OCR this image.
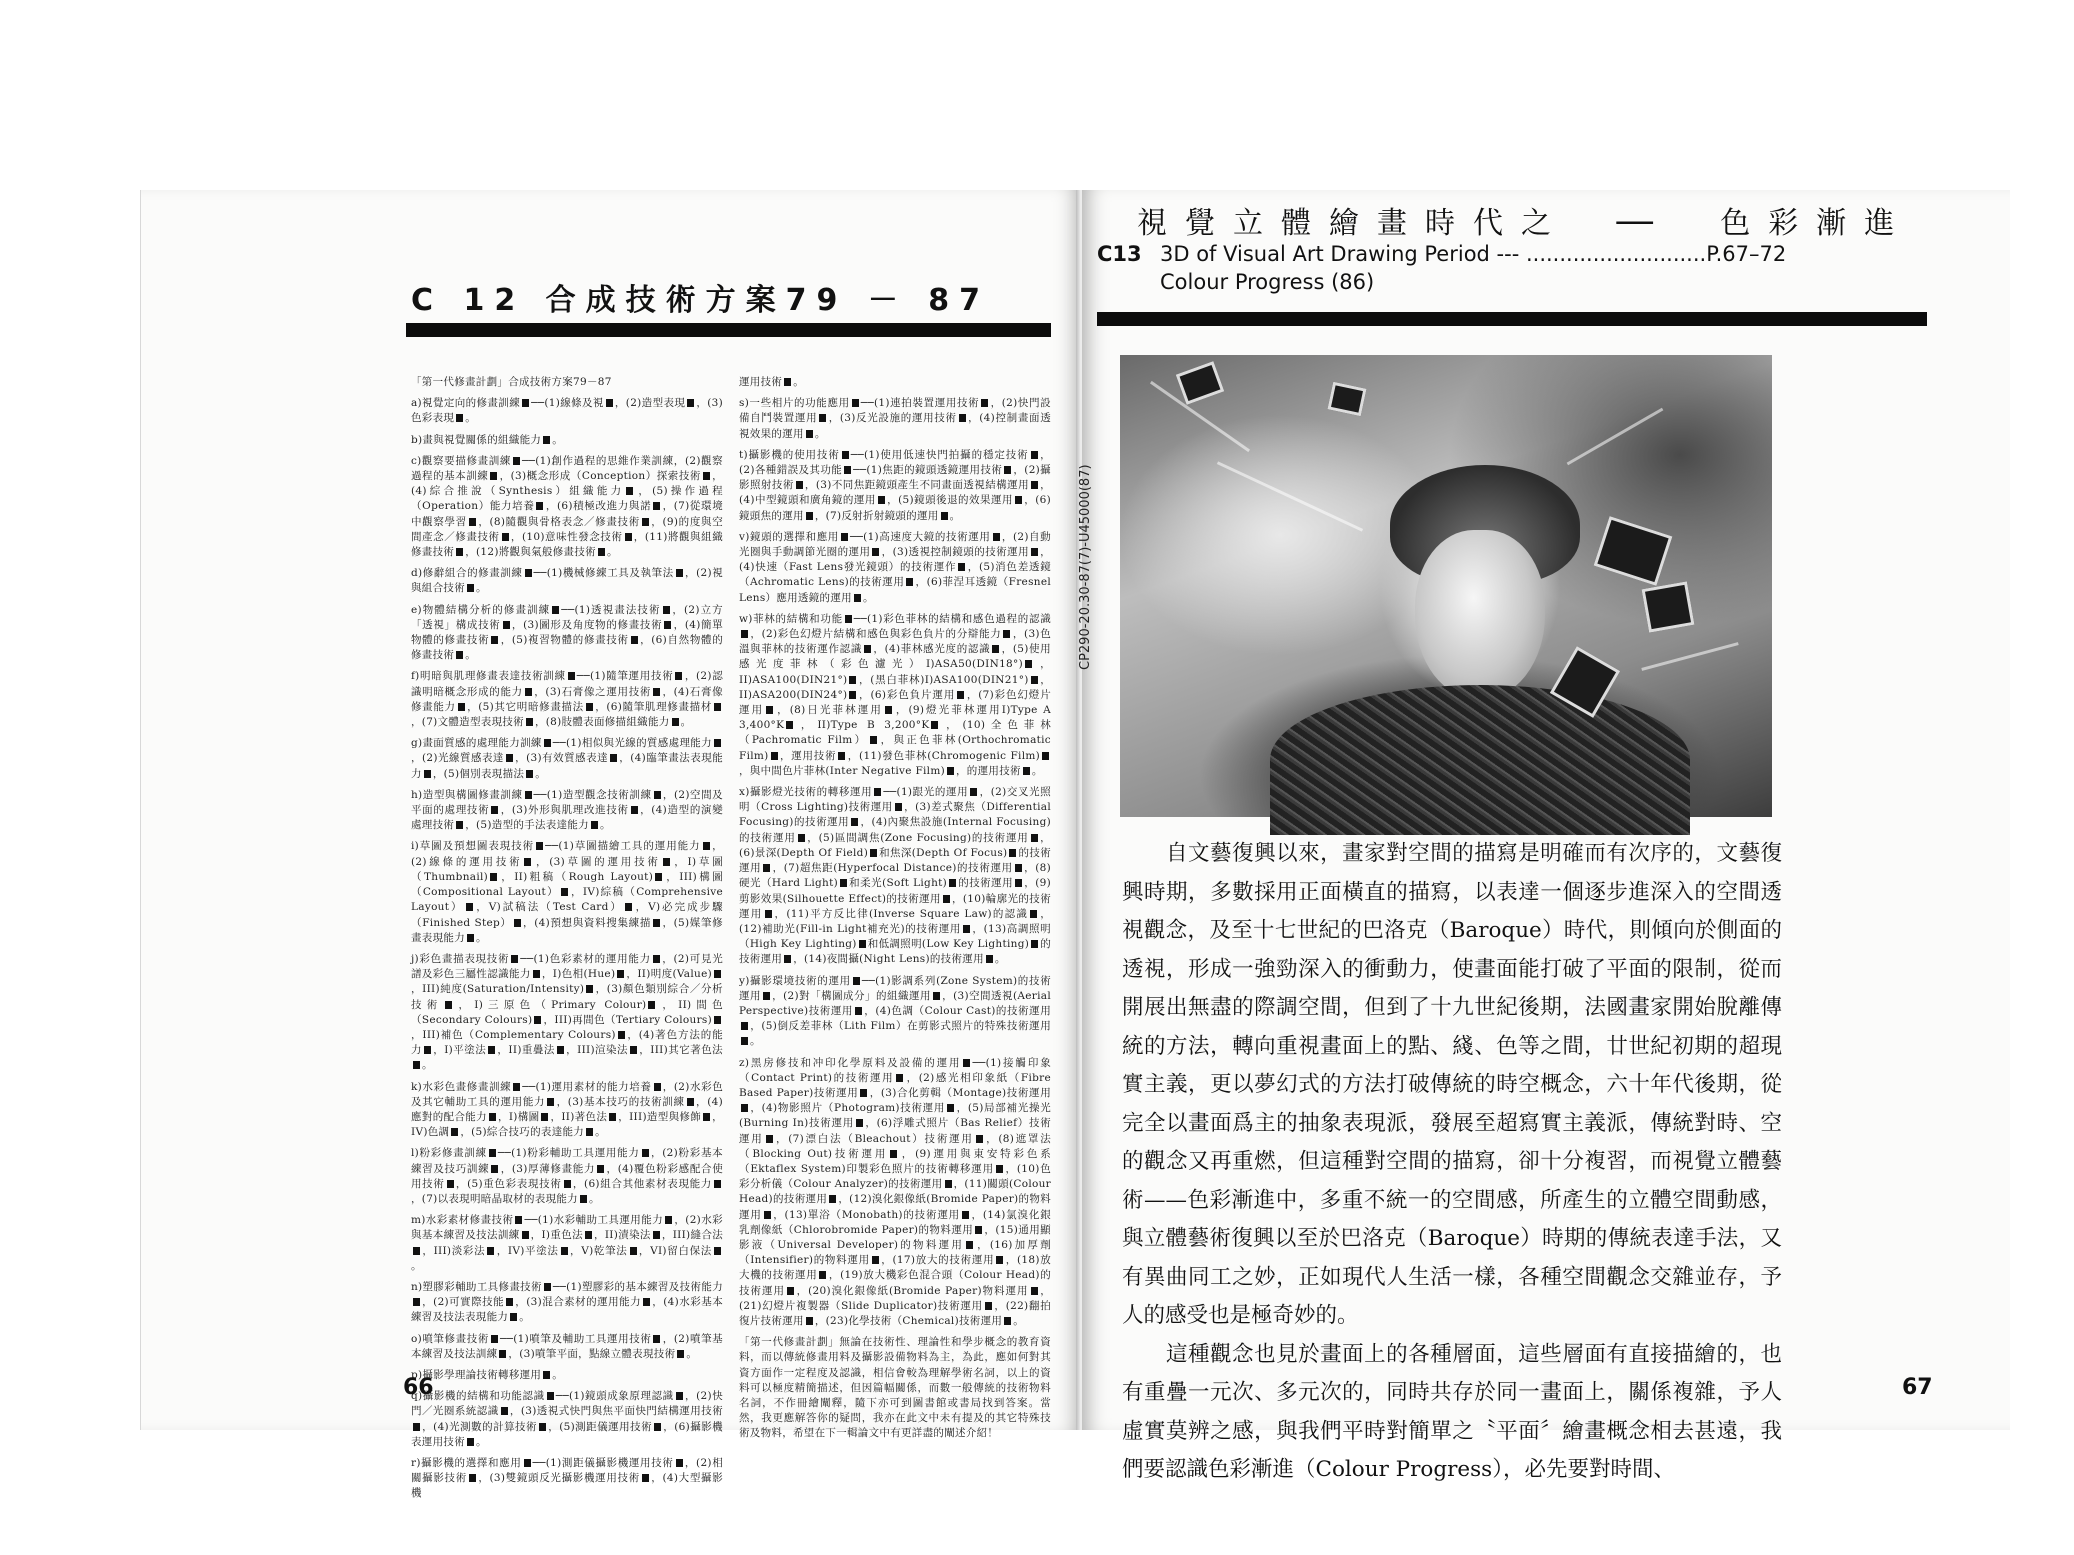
C 12 合成技術方案79 － 87

「第一代修畫計劃」合成技術方案79－87

a)視覺定向的修畫訓練 ──(1)線條及視 ，(2)造型表現 ，(3)色彩表現 。

b)畫與視覺關係的組織能力 。

c)觀察要描修畫訓練 ──(1)創作過程的思維作業訓練，(2)觀察過程的基本訓練 ，(3)概念形成（Conception）探索技術 ，(4)綜合推說（Synthesis）組織能力 ，(5)操作過程（Operation）能力培養 ，(6)積極改進力與諾 ，(7)從環境中觀察學習 ，(8)隨觀與骨格表念／修畫技術 ，(9)的度與空間產念／修畫技術 ，(10)意味性發念技術 ，(11)將觀與組織修畫技術 ，(12)將觀與氣般修畫技術 。

d)修辭組合的修畫訓練 ──(1)機械修練工具及執筆法 ，(2)視與組合技術 。

e)物體結構分析的修畫訓練 ──(1)透視畫法技術 ，(2)立方「透視」構成技術 ，(3)圖形及角度物的修畫技術 ，(4)簡單物體的修畫技術 ，(5)複習物體的修畫技術 ，(6)自然物體的修畫技術 。

f)明暗與肌理修畫表達技術訓練 ──(1)隨筆運用技術 ，(2)認識明暗概念形成的能力 ，(3)石膏像之運用技術 ，(4)石膏像修畫能力 ，(5)其它明暗修畫描法 ，(6)隨筆肌理修畫描材，(7)文體造型表現技術 ，(8)肢體表面修描組織能力 。

g)畫面質感的處理能力訓練 ──(1)相似與光線的質感處理能力，(2)光線質感表達 ，(3)有效質感表達 ，(4)臨筆畫法表現能力 ，(5)個別表現描法 。

h)造型與構圖修畫訓練 ──(1)造型觀念技術訓練 ，(2)空間及平面的處理技術 ，(3)外形與肌理改進技術 ，(4)造型的演變處理技術 ，(5)造型的手法表達能力 。

i)草圖及預想圖表現技術 ──(1)草圖描繪工具的運用能力 ，(2)線條的運用技術 ，(3)草圖的運用技術 ，I)草圖（Thumbnail) ，II)粗稿（Rough Layout) ，III)構圖（Compositional Layout） ，IV)綜稿（Comprehensive Layout） ，V)試稿法（Test Card） ，V)必完成步驟（Finished Step） ，(4)預想與資料搜集練描 ，(5)媒筆修畫表現能力 。

j)彩色畫描表現技術 ──(1)色彩素材的運用能力 ，(2)可見光譜及彩色三屬性認識能力 ，I)色相(Hue) ，II)明度(Value)，III)純度(Saturation/Intensity) ，(3)顏色類別綜合／分析技術 ，I)三原色（Primary Colour) ，II)間色（Secondary Colours) ，III)再間色（Tertiary Colours)，III)補色（Complementary Colours) ，(4)著色方法的能力 ，I)平塗法 ，II)重疊法 ，III)渲染法 ，III)其它著色法。

k)水彩色畫修畫訓練 ──(1)運用素材的能力培養 ，(2)水彩色及其它輔助工具的運用能力 ，(3)基本技巧的技術訓練 ，(4)應對的配合能力 ，I)構圖 ，II)著色法 ，III)造型與修飾 ，IV)色調 ，(5)綜合技巧的表達能力 。

l)粉彩修畫訓練 ──(1)粉彩輔助工具運用能力 ，(2)粉彩基本練習及技巧訓練 ，(3)厚薄修畫能力 ，(4)覆色粉彩感配合使用技術 ，(5)重色彩表現技術 ，(6)組合其他素材表現能力，(7)以表現明暗晶取材的表現能力 。

m)水彩素材修畫技術 ──(1)水彩輔助工具運用能力 ，(2)水彩與基本練習及技法訓練 ，I)重色法 ，II)漬染法 ，III)縫合法，III)淡彩法 ，IV)平塗法 ，V)乾筆法 ，VI)留白保法。

n)塑膠彩輔助工具修畫技術 ──(1)塑膠彩的基本練習及技術能力，(2)可實際技能 ，(3)混合素材的運用能力 ，(4)水彩基本練習及技法表現能力 。

o)噴筆修畫技術 ──(1)噴筆及輔助工具運用技術 ，(2)噴筆基本練習及技法訓練 ，(3)噴筆平面，點線立體表現技術 。

p)攝影學理論技術轉移運用 。

q)攝影機的結構和功能認識 ──(1)鏡頭成象原理認識 ，(2)快門／光圈系統認識 ，(3)透視式快門與焦平面快門結構運用技術，(4)光測數的計算技術 ，(5)測距儀運用技術 ，(6)攝影機表運用技術 。

r)攝影機的選擇和應用 ──(1)測距儀攝影機運用技術 ，(2)相關攝影技術 ，(3)雙鏡頭反光攝影機運用技術 ，(4)大型攝影機

運用技術 。

s)一些相片的功能應用 ──(1)連拍裝置運用技術 ，(2)快門設備自鬥裝置運用 ，(3)反光設施的運用技術 ，(4)控制畫面透視效果的運用 。

t)攝影機的使用技術 ──(1)使用低速快門拍攝的穩定技術 ，(2)各種錯誤及其功能 ──(1)焦距的鏡頭透鏡運用技術 ，(2)攝影照射技術 ，(3)不同焦距鏡頭產生不同畫面透視結構運用 ，(4)中型鏡頭和廣角鏡的運用 ，(5)鏡頭後退的效果運用 ，(6)鏡頭焦的運用 ，(7)反射折射鏡頭的運用 。

v)鏡頭的選擇和應用 ──(1)高速度大鏡的技術運用 ，(2)自動光圈與手動調節光圈的運用 ，(3)透視控制鏡頭的技術運用 ，(4)快速（Fast Lens發光鏡頭）的技術運作 ，(5)消色差透鏡（Achromatic Lens)的技術運用 ，(6)菲涅耳透鏡（Fresnel Lens）應用透鏡的運用 。

w)菲林的結構和功能 ──(1)彩色菲林的結構和感色過程的認識，(2)彩色幻燈片結構和感色與彩色負片的分辯能力 ，(3)色溫與菲林的技術運作認識 ，(4)菲林感光度的認識 ，(5)使用感光度菲林（彩色濾光）I)ASA50(DIN18°) ，II)ASA100(DIN21°) ，(黑白菲林)I)ASA100(DIN21°) ，II)ASA200(DIN24°) ，(6)彩色負片運用 ，(7)彩色幻燈片運用 ，(8)日光菲林運用 ，(9)燈光菲林運用I)Type A 3,400°K ，II)Type B 3,200°K ，(10)全色菲林（Pachromatic Film） ，與正色菲林(Orthochromatic Film) ，運用技術 ，(11)發色菲林(Chromogenic Film)，與中間色片菲林(Inter Negative Film) ，的運用技術 。

x)攝影燈光技術的轉移運用 ──(1)跟光的運用 ，(2)交叉光照明（Cross Lighting)技術運用 ，(3)差式聚焦（Differential Focusing)的技術運用 ，(4)內聚焦設施(Internal Focusing)的技術運用 ，(5)區間調焦(Zone Focusing)的技術運用 ，(6)景深(Depth Of Field) 和焦深(Depth Of Focus) 的技術運用 ，(7)超焦距(Hyperfocal Distance)的技術運用 ，(8)硬光（Hard Light) 和柔光(Soft Light) 的技術運用 ，(9)剪影效果(Silhouette Effect)的技術運用 ，(10)輪廓光的技術運用 ，(11)平方反比律(Inverse Square Law)的認識 ，(12)補助光(Fill-in Light補充光)的技術運用 ，(13)高調照明（High Key Lighting) 和低調照明(Low Key Lighting) 的技術運用 ，(14)夜間攝(Night Lens)的技術運用 。

y)攝影環境技術的運用 ──(1)影調系列(Zone System)的技術運用 ，(2)對「構圖成分」的組織運用 ，(3)空間透視(Aerial Perspective)技術運用 ，(4)色調（Colour Cast)的技術運用，(5)倒反差菲林（Lith Film）在剪影式照片的特殊技術運用。

z)黑房修技和冲印化學原料及設備的運用 ──(1)接觸印象（Contact Print)的技術運用 ，(2)感光相印象紙（Fibre Based Paper)技術運用 ，(3)合化剪輯（Montage)技術運用，(4)物影照片（Photogram)技術運用 ，(5)局部補光操光(Burning In)技術運用 ，(6)浮雕式照片（Bas Relief）技術運用 ，(7)漂白法（Bleachout）技術運用 ，(8)遮罩法（Blocking Out)技術運用 ，(9)運用與東安特彩色系（Ektaflex System)印製彩色照片的技術轉移運用 ，(10)色彩分析儀（Colour Analyzer)的技術運用 ，(11)關頭(Colour Head)的技術運用 ，(12)溴化銀像紙(Bromide Paper)的物料運用 ，(13)單浴（Monobath)的技術運用 ，(14)氯溴化銀乳劑像紙（Chlorobromide Paper)的物料運用 ，(15)通用顯影液（Universal Developer)的物料運用 ，(16)加厚劑（Intensifier)的物料運用 ，(17)放大的技術運用 ，(18)放大機的技術運用 ，(19)放大機彩色混合頭（Colour Head)的技術運用 ，(20)溴化銀像紙(Bromide Paper)物料運用 ，(21)幻燈片複製器（Slide Duplicator)技術運用 ，(22)翻拍復片技術運用 ，(23)化學技術（Chemical)技術運用 。

「第一代修畫計劃」無論在技術性、理論性和學步概念的教育資料，而以傳統修畫用料及攝影設備物料為主，為此，應如何對其資方面作一定程度及認識，相信會較為理解學術名詞，以上的資料可以極度精簡描述，但因篇幅關係，而數一般傳統的技術物料名詞，不作冊繪闡釋，隨下亦可到圖書館或書局找到答案。當然，我更應解答你的疑問，我亦在此文中未有提及的其它特殊技術及物料，希望在下一輯論文中有更詳盡的闡述介紹！

66
視覺立體繪畫時代之 ── 色彩漸進
C13 3D of Visual Art Drawing Period --- ...........................P.67–72
Colour Progress (86)
CP290-20.30-87(7)-U45000(87)

自文藝復興以來，畫家對空間的描寫是明確而有次序的，文藝復興時期，多數採用正面橫直的描寫，以表達一個逐步進深入的空間透視觀念，及至十七世紀的巴洛克（Baroque）時代，則傾向於側面的透視，形成一強勁深入的衝動力，使畫面能打破了平面的限制，從而開展出無盡的際調空間，但到了十九世紀後期，法國畫家開始脫離傳統的方法，轉向重視畫面上的點、綫、色等之間，廿世紀初期的超現實主義，更以夢幻式的方法打破傳統的時空概念，六十年代後期，從完全以畫面爲主的抽象表現派，發展至超寫實主義派，傳統對時、空的觀念又再重燃，但這種對空間的描寫，卻十分複習，而視覺立體藝術——色彩漸進中，多重不統一的空間感，所產生的立體空間動感，與立體藝術復興以至於巴洛克（Baroque）時期的傳統表達手法，又有異曲同工之妙，正如現代人生活一樣，各種空間觀念交雜並存，予人的感受也是極奇妙的。

這種觀念也見於畫面上的各種層面，這些層面有直接描繪的，也有重疊一元次、多元次的，同時共存於同一畫面上，關係複雜，予人虛實莫辨之感，與我們平時對簡單之〝平面〞繪畫概念相去甚遠，我們要認識色彩漸進（Colour Progress），必先要對時間、

67
